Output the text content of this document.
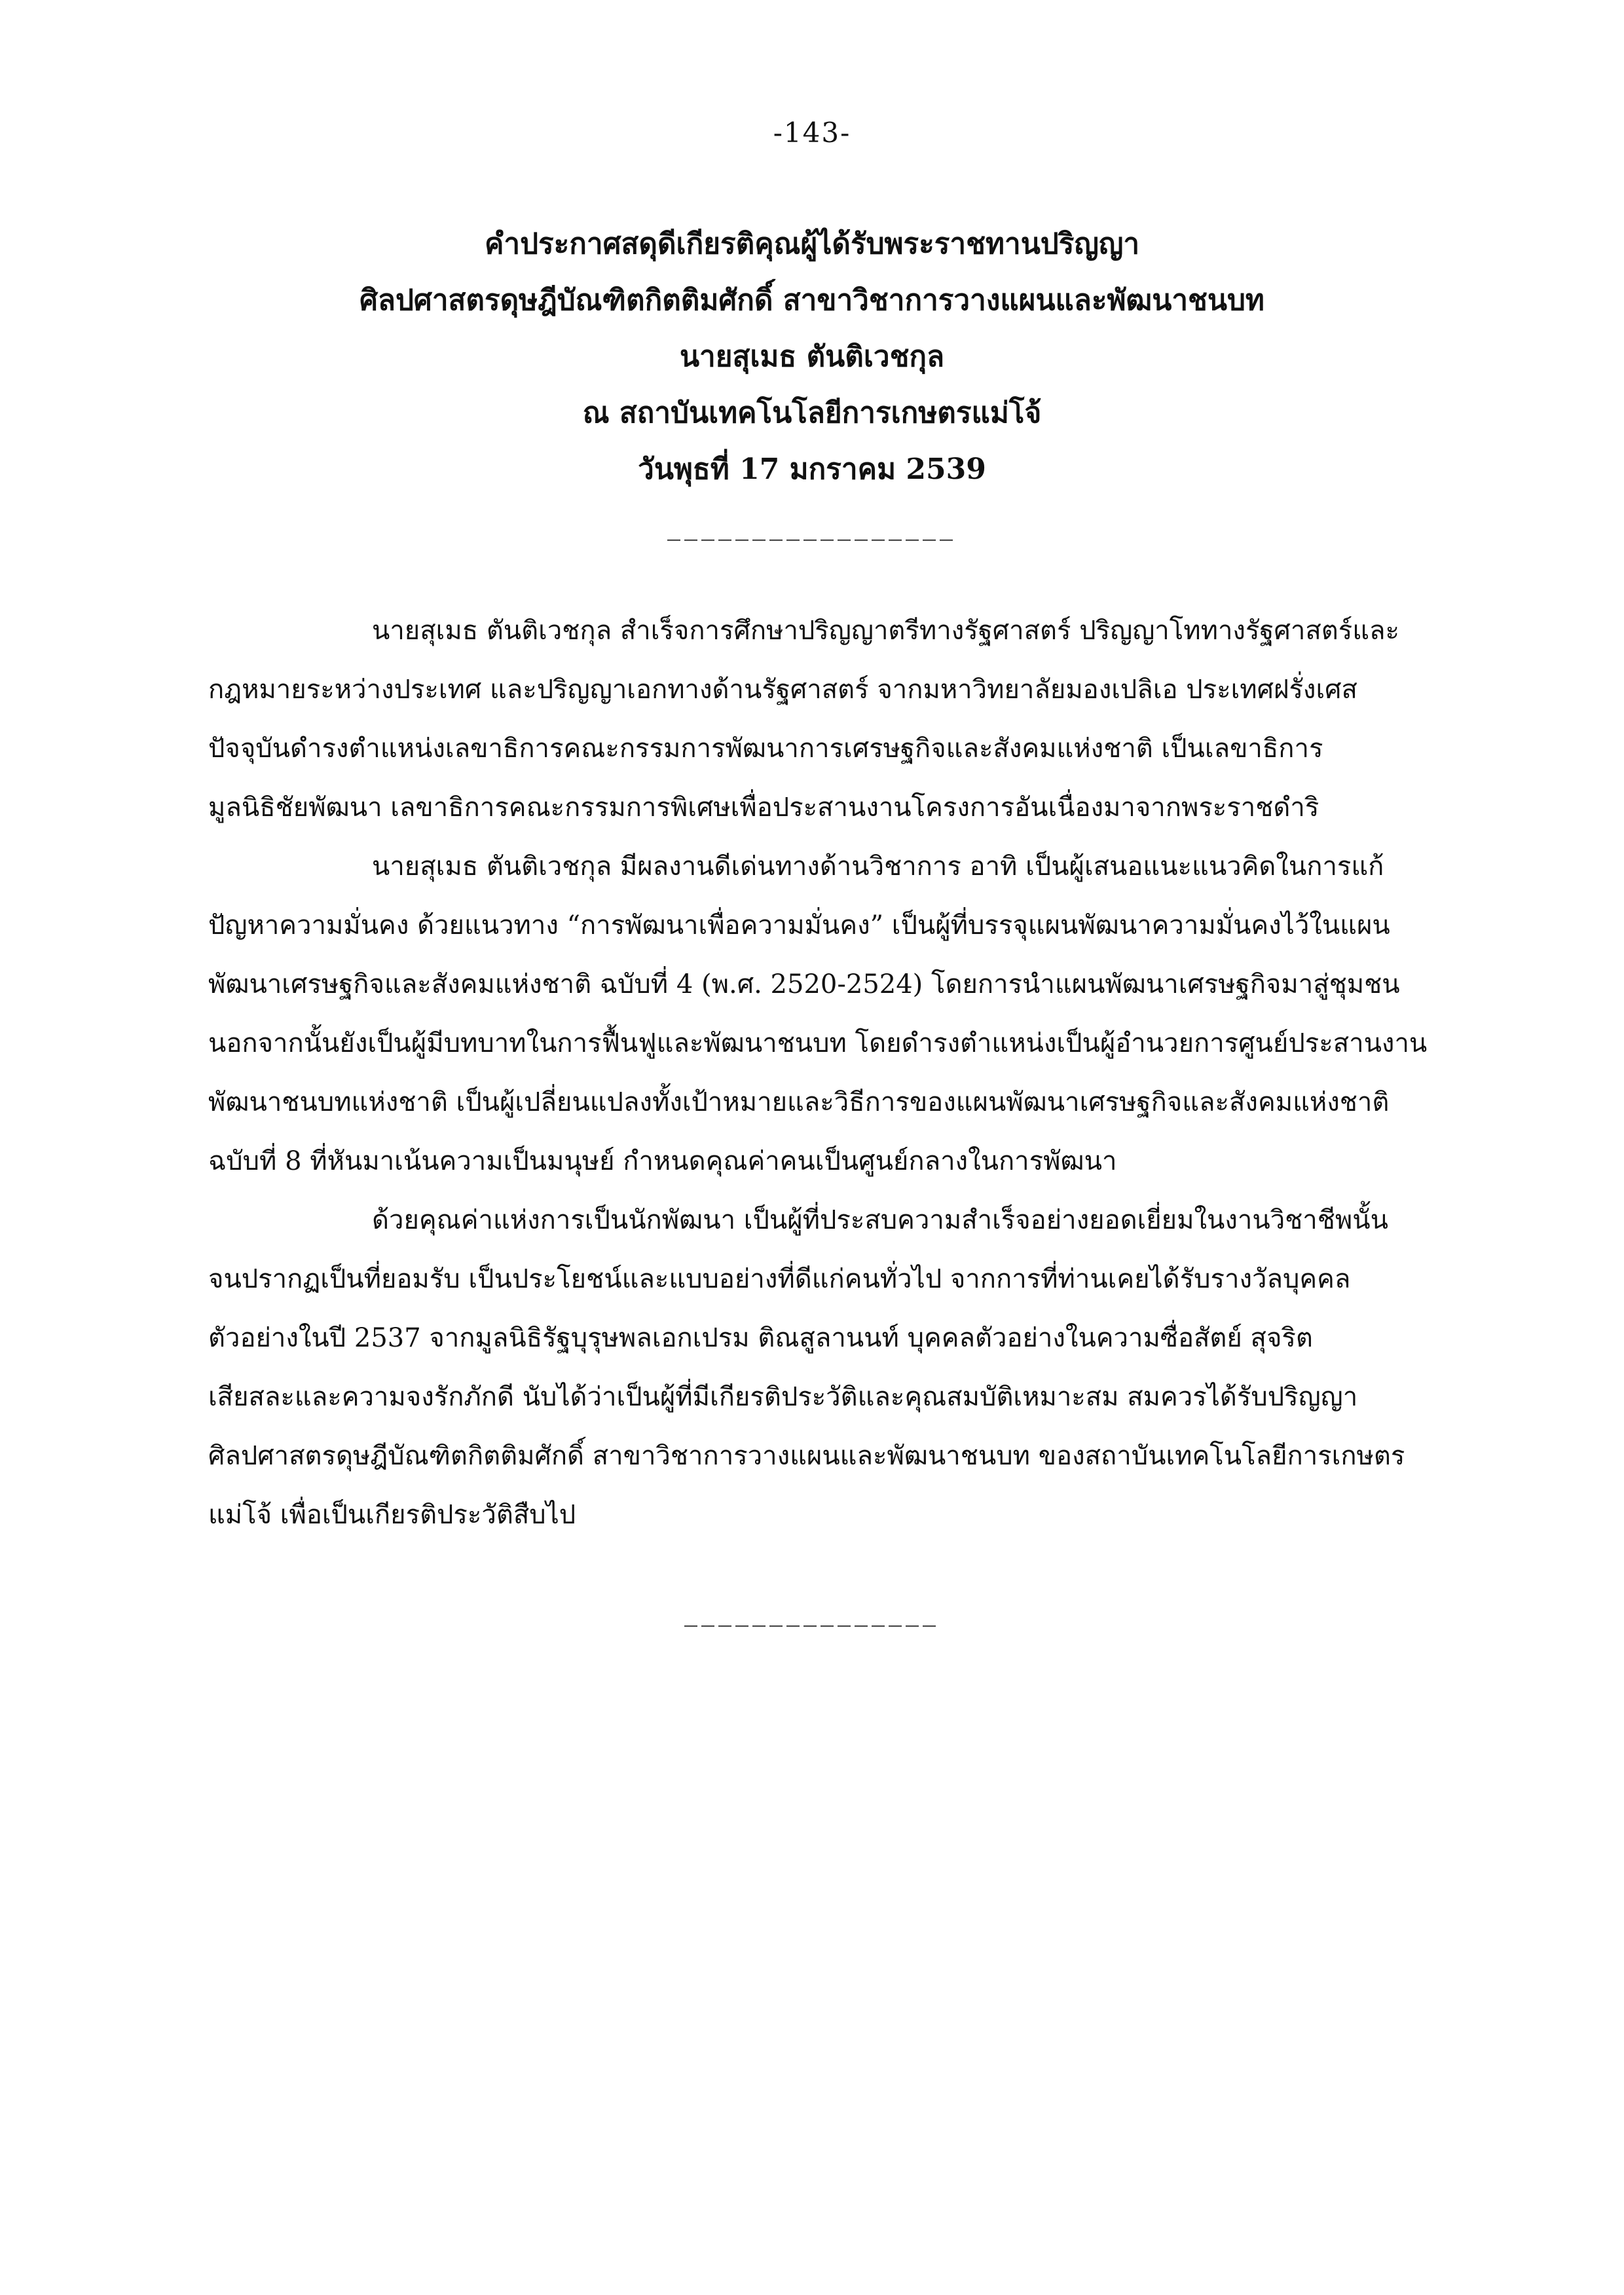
-143-
คำประกาศสดุดีเกียรติคุณผู้ได้รับพระราชทานปริญญา
ศิลปศาสตรดุษฎีบัณฑิตกิตติมศักดิ์ สาขาวิชาการวางแผนและพัฒนาชนบท
นายสุเมธ ตันติเวชกุล
ณ สถาบันเทคโนโลยีการเกษตรแม่โจ้
วันพุธที่ 17 มกราคม 2539
_________________
นายสุเมธ ตันติเวชกุล สำเร็จการศึกษาปริญญาตรีทางรัฐศาสตร์ ปริญญาโททางรัฐศาสตร์และ
กฎหมายระหว่างประเทศ และปริญญาเอกทางด้านรัฐศาสตร์ จากมหาวิทยาลัยมองเปลิเอ ประเทศฝรั่งเศส
ปัจจุบันดำรงตำแหน่งเลขาธิการคณะกรรมการพัฒนาการเศรษฐกิจและสังคมแห่งชาติ เป็นเลขาธิการ
มูลนิธิชัยพัฒนา เลขาธิการคณะกรรมการพิเศษเพื่อประสานงานโครงการอันเนื่องมาจากพระราชดำริ
นายสุเมธ ตันติเวชกุล มีผลงานดีเด่นทางด้านวิชาการ อาทิ เป็นผู้เสนอแนะแนวคิดในการแก้
ปัญหาความมั่นคง ด้วยแนวทาง “การพัฒนาเพื่อความมั่นคง” เป็นผู้ที่บรรจุแผนพัฒนาความมั่นคงไว้ในแผน
พัฒนาเศรษฐกิจและสังคมแห่งชาติ ฉบับที่ 4 (พ.ศ. 2520-2524) โดยการนำแผนพัฒนาเศรษฐกิจมาสู่ชุมชน
นอกจากนั้นยังเป็นผู้มีบทบาทในการฟื้นฟูและพัฒนาชนบท โดยดำรงตำแหน่งเป็นผู้อำนวยการศูนย์ประสานงาน
พัฒนาชนบทแห่งชาติ เป็นผู้เปลี่ยนแปลงทั้งเป้าหมายและวิธีการของแผนพัฒนาเศรษฐกิจและสังคมแห่งชาติ
ฉบับที่ 8 ที่หันมาเน้นความเป็นมนุษย์ กำหนดคุณค่าคนเป็นศูนย์กลางในการพัฒนา
ด้วยคุณค่าแห่งการเป็นนักพัฒนา เป็นผู้ที่ประสบความสำเร็จอย่างยอดเยี่ยมในงานวิชาชีพนั้น
จนปรากฏเป็นที่ยอมรับ เป็นประโยชน์และแบบอย่างที่ดีแก่คนทั่วไป จากการที่ท่านเคยได้รับรางวัลบุคคล
ตัวอย่างในปี 2537 จากมูลนิธิรัฐบุรุษพลเอกเปรม ติณสูลานนท์ บุคคลตัวอย่างในความซื่อสัตย์ สุจริต
เสียสละและความจงรักภักดี นับได้ว่าเป็นผู้ที่มีเกียรติประวัติและคุณสมบัติเหมาะสม สมควรได้รับปริญญา
ศิลปศาสตรดุษฎีบัณฑิตกิตติมศักดิ์ สาขาวิชาการวางแผนและพัฒนาชนบท ของสถาบันเทคโนโลยีการเกษตร
แม่โจ้ เพื่อเป็นเกียรติประวัติสืบไป
_______________
